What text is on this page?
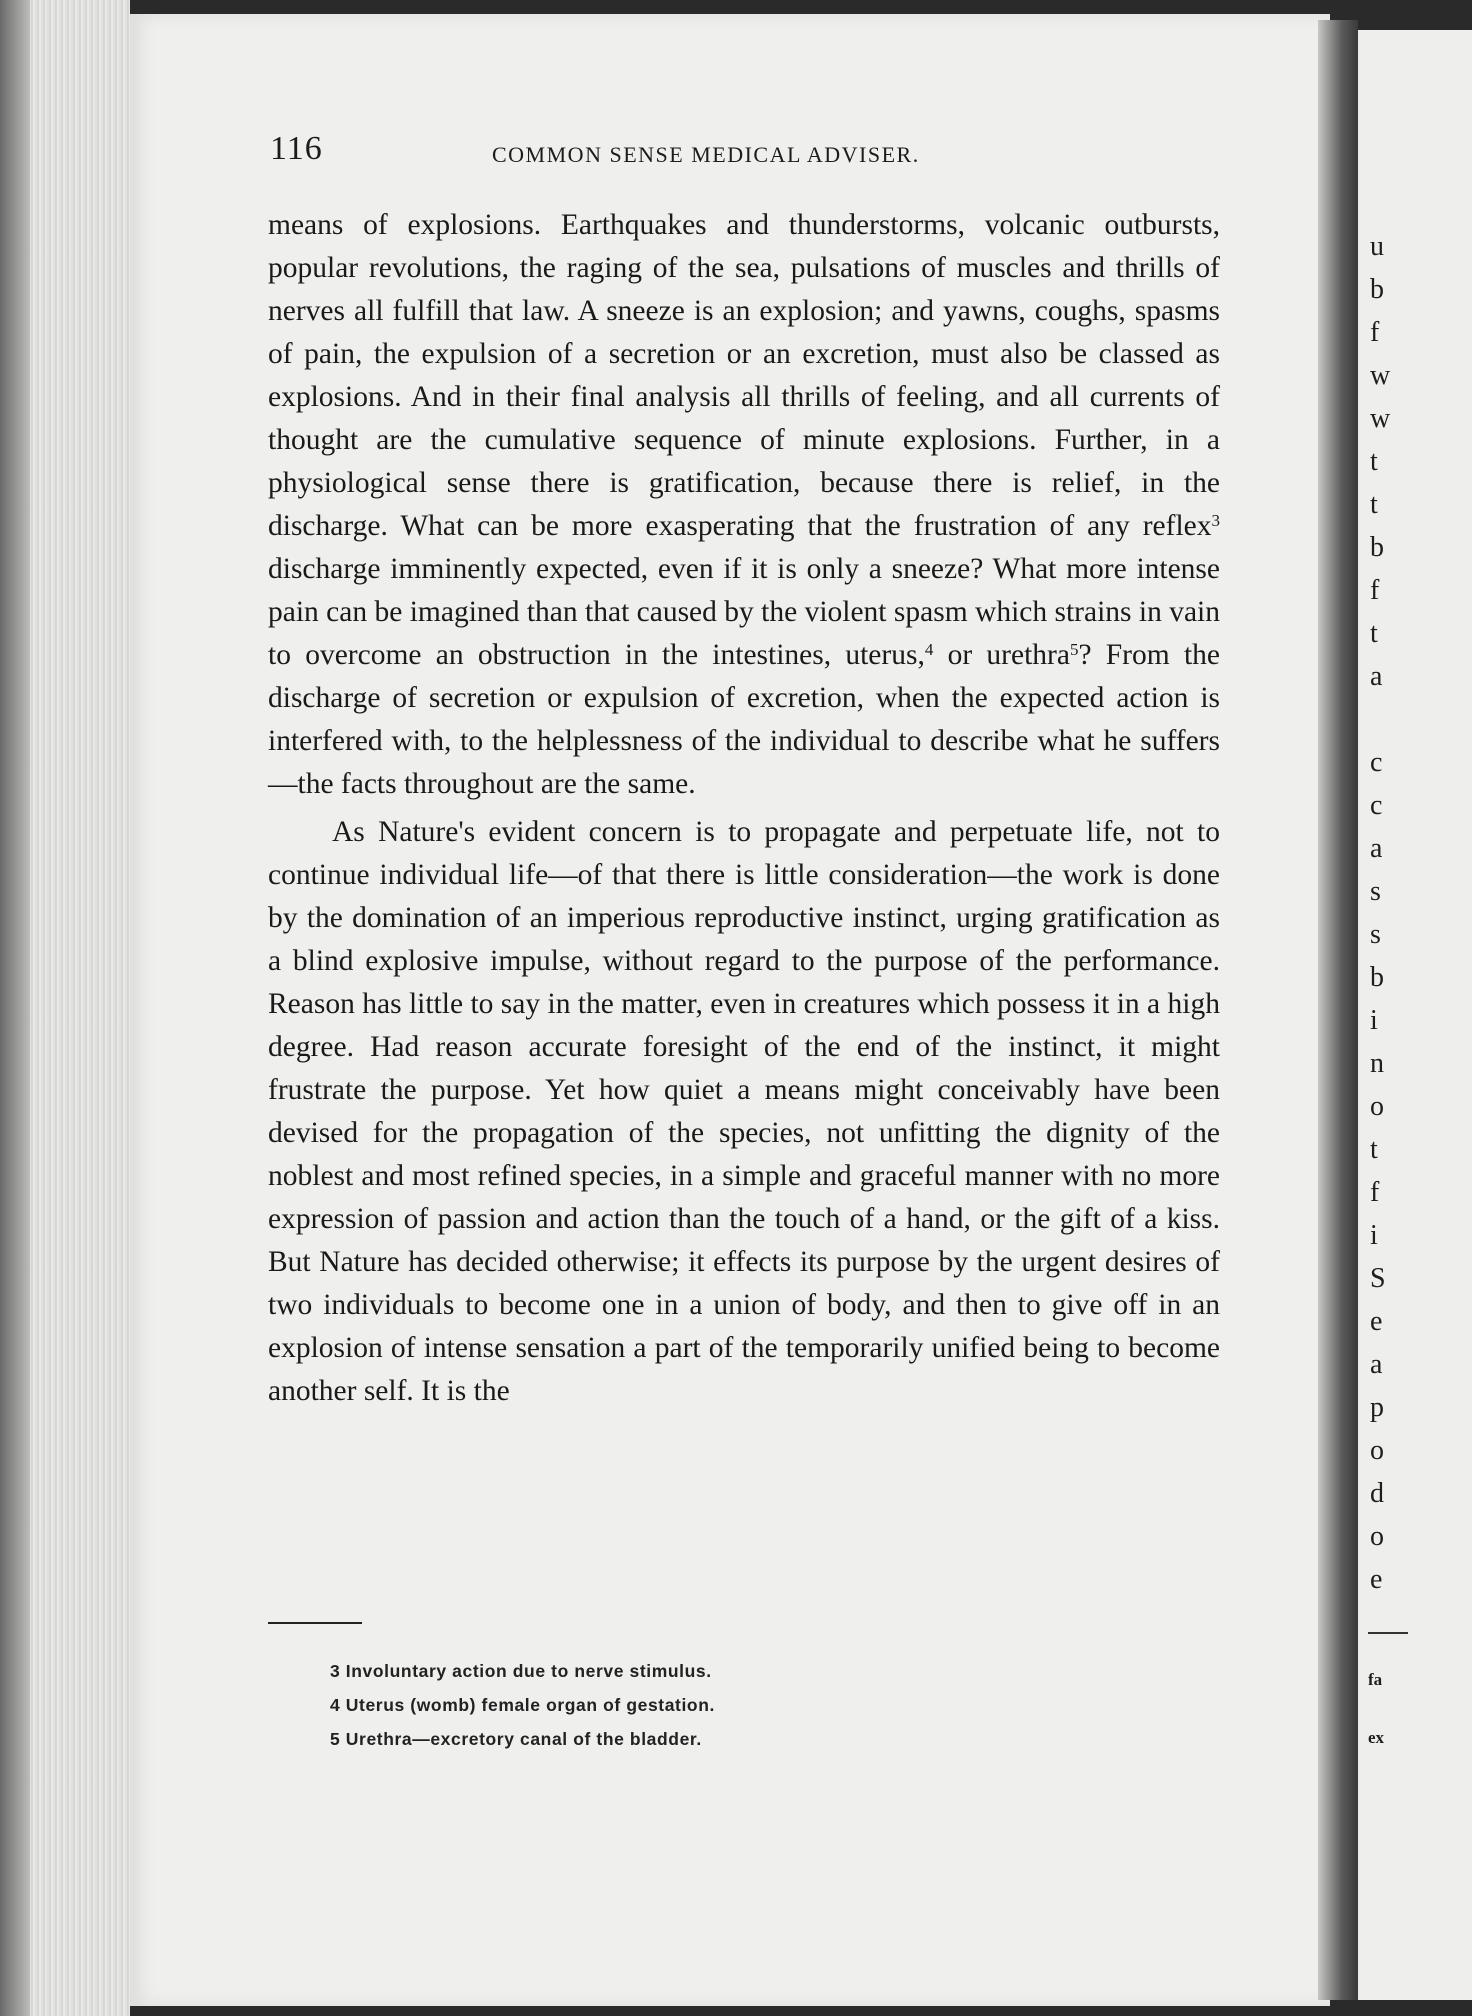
116	COMMON SENSE MEDICAL ADVISER.

means of explosions. Earthquakes and thunderstorms, volcanic outbursts, popular revolutions, the raging of the sea, pulsations of muscles and thrills of nerves all fulfill that law. A sneeze is an explosion; and yawns, coughs, spasms of pain, the expulsion of a secretion or an excretion, must also be classed as explosions. And in their final analysis all thrills of feeling, and all currents of thought are the cumulative sequence of minute explosions. Further, in a physiological sense there is gratification, because there is relief, in the discharge. What can be more exasperating that the frustration of any reflex$^3$ discharge imminently expected, even if it is only a sneeze? What more intense pain can be imagined than that caused by the violent spasm which strains in vain to overcome an obstruction in the intestines, uterus,$^4$ or urethra$^5$? From the discharge of secretion or expulsion of excretion, when the expected action is interfered with, to the helplessness of the individual to describe what he suffers—the facts throughout are the same.

As Nature's evident concern is to propagate and perpetuate life, not to continue individual life—of that there is little consideration—the work is done by the domination of an imperious reproductive instinct, urging gratification as a blind explosive impulse, without regard to the purpose of the performance. Reason has little to say in the matter, even in creatures which possess it in a high degree. Had reason accurate foresight of the end of the instinct, it might frustrate the purpose. Yet how quiet a means might conceivably have been devised for the propagation of the species, not unfitting the dignity of the noblest and most refined species, in a simple and graceful manner with no more expression of passion and action than the touch of a hand, or the gift of a kiss. But Nature has decided otherwise; it effects its purpose by the urgent desires of two individuals to become one in a union of body, and then to give off in an explosion of intense sensation a part of the temporarily unified being to become another self. It is the

3 Involuntary action due to nerve stimulus.
4 Uterus (womb) female organ of gestation.
5 Urethra—excretory canal of the bladder.
u
b
f
w
w
t
t
b
f
t
a

c
c
a
s
s
b
i
n
o
t
f
i
S
e
a
p
o
d
o
e
fa
ex
